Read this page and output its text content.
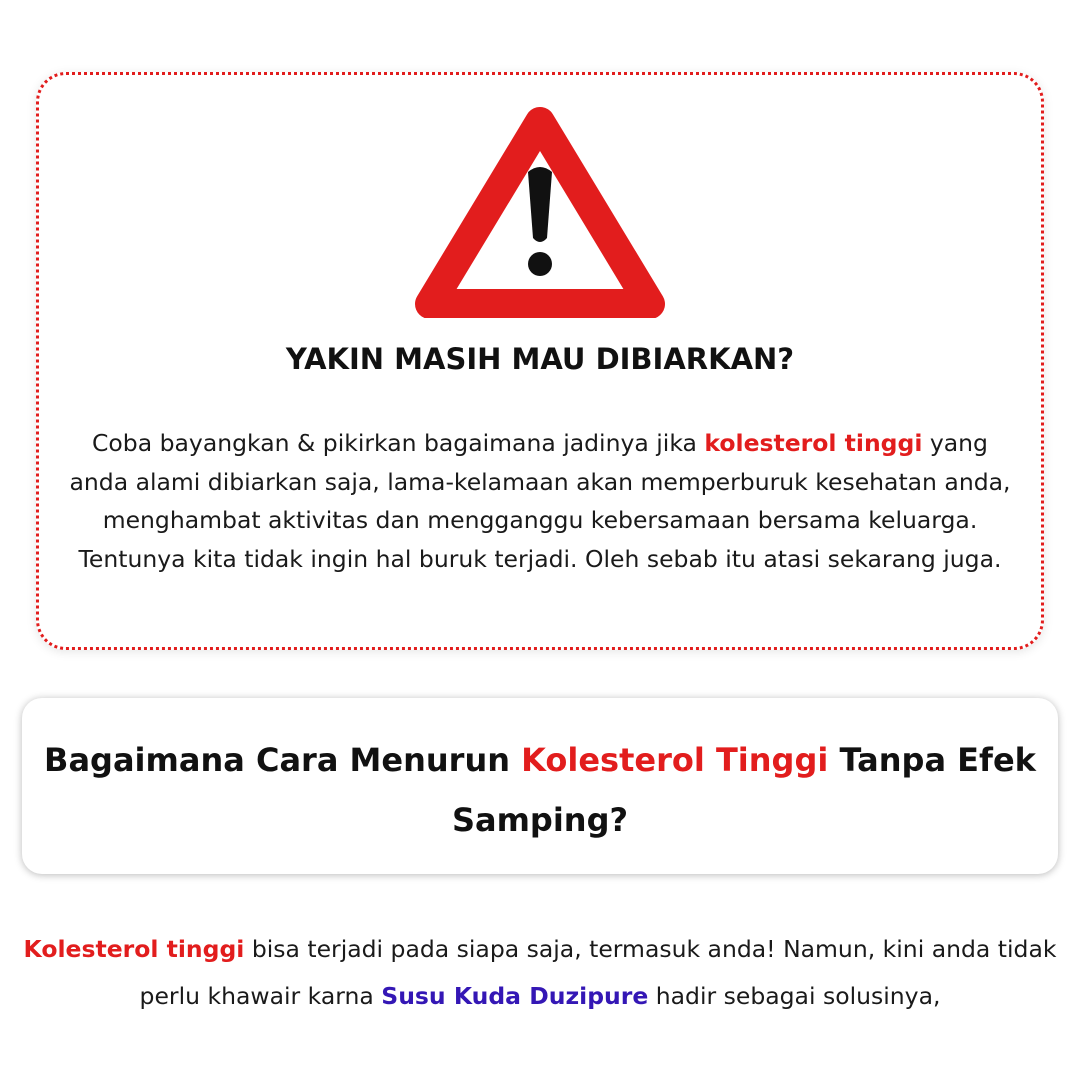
YAKIN MASIH MAU DIBIARKAN?
Coba bayangkan & pikirkan bagaimana jadinya jika kolesterol tinggi yang anda alami dibiarkan saja, lama-kelamaan akan memperburuk kesehatan anda, menghambat aktivitas dan mengganggu kebersamaan bersama keluarga. Tentunya kita tidak ingin hal buruk terjadi. Oleh sebab itu atasi sekarang juga.
Bagaimana Cara Menurun Kolesterol Tinggi Tanpa Efek Samping?
Kolesterol tinggi bisa terjadi pada siapa saja, termasuk anda! Namun, kini anda tidak perlu khawair karna Susu Kuda Duzipure hadir sebagai solusinya,
